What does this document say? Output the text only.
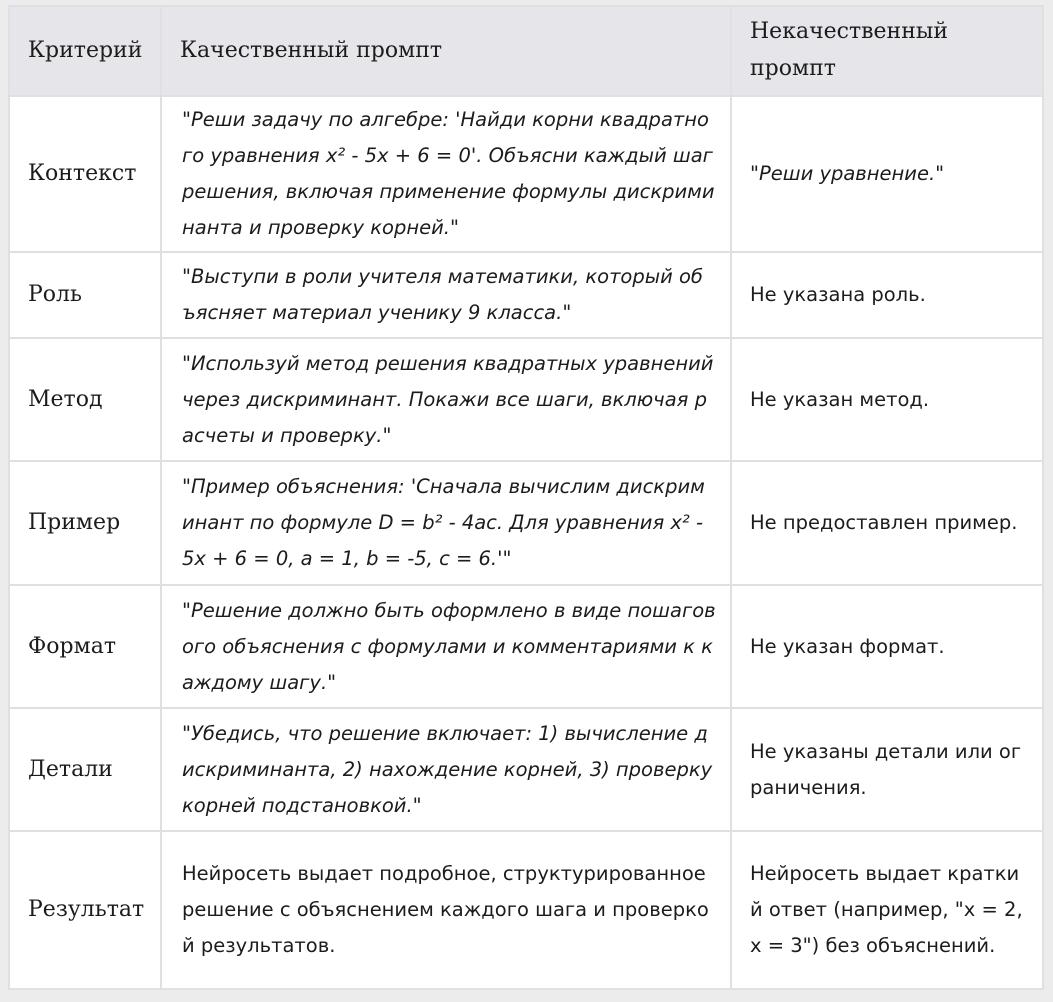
Критерий	Качественный промпт	Некачественный промпт
Контекст	"Реши задачу по алгебре: 'Найди корни квадратного уравнения x² - 5x + 6 = 0'. Объясни каждый шаг решения, включая применение формулы дискриминанта и проверку корней."	"Реши уравнение."
Роль	"Выступи в роли учителя математики, который объясняет материал ученику 9 класса."	Не указана роль.
Метод	"Используй метод решения квадратных уравнений через дискриминант. Покажи все шаги, включая расчеты и проверку."	Не указан метод.
Пример	"Пример объяснения: 'Сначала вычислим дискриминант по формуле D = b² - 4ac. Для уравнения x² - 5x + 6 = 0, a = 1, b = -5, c = 6.'"	Не предоставлен пример.
Формат	"Решение должно быть оформлено в виде пошагового объяснения с формулами и комментариями к каждому шагу."	Не указан формат.
Детали	"Убедись, что решение включает: 1) вычисление дискриминанта, 2) нахождение корней, 3) проверку корней подстановкой."	Не указаны детали или ограничения.
Результат	Нейросеть выдает подробное, структурированное решение с объяснением каждого шага и проверкой результатов.	Нейросеть выдает краткий ответ (например, "x = 2, x = 3") без объяснений.
